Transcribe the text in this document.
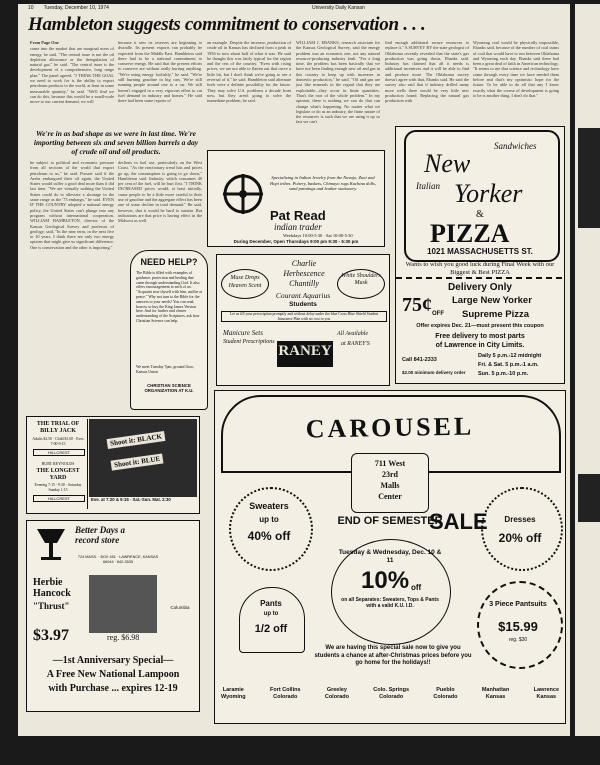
10 Tuesday, December 10, 1974	University Daily Kansan
Hambleton suggests commitment to conservation . . .

From Page One

come into the market that are marginal users of energy, he said. "The central issue is not the oil depletion allowance or the deregulation of natural gas," he said. "The central issue is the development of a comprehensive, long range plan." The panel agreed. "I THINK THE GOAL we need to work for is the ability to export petroleum products to the world, at least in some measurable quantity," he said. "We'll find we can do this, because this would be a small-scale move to our current demand, we will

because it sees its reserves are beginning to dwindle. Its present exports can probably be expected from the Middle East. Hambleton said there had to be a national commitment to conserve energy. He said that the present efforts to conserve are without really hurting anything. "We're using energy foolishly," he said. "We're still burning gasoline in big cars. We're still running people around one to a car. We still haven't engaged in a very vigorous effort to cut fuel demand in industry and homes." He said there had been some reports of

We're in as bad shape as we were in last time. We're importing between six and seven billion barrels a day of crude oil and oil products.

be subject to political and economic pressure from all sections of the world that export petroleum to us," he said. Prosser said if the Arabs embargoed their oil again, the United States would suffer a good deal more than it did last time. "We are virtually nothing the United States could do to alleviate a shortage in the same range as the '73 embargo," he said. EVEN IF THE COUNTRY adopted a national energy policy, the United States can't plunge into any program without international cooperation. WILLIAM HAMBLETON, director of the Kansas Geological Survey and professor of geology, said, "In the near term, in the next five to 10 years, I think there are only two energy options that might give us significant difference. One is conservation and the other is importing."

declines in fuel use, particularly on the West Coast. "As the reactionary trend hits and prices go up, the consumption is going to go down," Hambleton said. Industry, which consumes 40 per cent of the fuel, will be hurt first. "I THINK INCREASED prices would, at least initially, cause people to be a little more careful in their use of gasoline and the aggregate effect has been one of some decline in total demand." He said, however, that it would be hard to sustain. But indications are that price is having effect in the Midwest as well.

an example. Despite the increase, production of crude oil in Kansas has declined from a peak in 1956 to now about half of what it was. He said he thought this was fairly typical for the region and the rest of the country. "Even with rising prices, we are not able to flatten out that curve a little bit, but I don't think we're going to see a reversal of it," he said. Hambleton said alternate fuels were a definite possibility for the future. They may solve U.S. problems a decade from now, but they aren't going to solve the immediate problem, he said.

WILLIAM J. EBANKS, research associate for the Kansas Geological Survey, said the energy problem was an economic one, not any natural resource-producing industry fault. "For a long time, the problem has been basically that we have not been finding enough new oil and gas in this country to keep up with increases in domestic production," he said. "Oil and gas are just like minerals in the regard that they are exploitable—they occur in finite quantities. That's the root of the whole problem." In my opinion, there is nothing we can do that can change what's happening. No matter what we legislate or do as an industry, the finite nature of the resources is such that we are using it up so fast we can't

find enough additional secure resources to replace it." A SURVEY BY the state geologist of Oklahoma recently revealed that the state's gas production was going down, Ebanks said. Industry has claimed that all it needs is additional incentives and it will be able to find and produce more. The Oklahoma survey doesn't agree with that, Ebanks said. He said the survey also said that if industry drilled many more wells there would be very little new production found. Replacing the natural gas production with

Wyoming coal would be physically impossible, Ebanks said, because of the number of coal trains of coal that would have to run between Oklahoma and Wyoming each day. Ebanks said there had been a great deal of faith in American technology. "It seems to me that science and technology have come through every time we have needed them before and that's my optimistic hope for the future. To be able to do all that any I know exactly what the course of development is going to be is another thing. I don't do that."

Specializing in Indian Jewelry from the Navajo, Zuni and Hopi tribes. Pottery, baskets, Chimayo rugs Kachina dolls, sand paintings and leather stationery.
Pat Read
indian trader
Weekdays 10:00-5:30 · Sat 10:00-5:30
During December, Open Thursdays 9:00 pm 9:30 - 5:30 pm
New
Yorker
Italian
Sandwiches
&
PIZZA
1021 MASSACHUSETTS ST.
Wants to wish you good luck during Final Week with our Biggest & Best PIZZA
Delivery Only
Large New Yorker
75¢ OFF Supreme Pizza
Offer expires Dec. 21—must present this coupon
Free delivery to most parts
of Lawrence in City Limits.
Call 841-2333
$2.00 minimum delivery order
Daily 5 p.m.-12 midnight
Fri. & Sat. 5 p.m.-1 a.m.
Sun. 5 p.m.-10 p.m.
NEED HELP?
The Bible is filled with examples of guidance, protection and healing that came through understanding God. It also offers encouragement to each of us: "Acquaint now thyself with him, and be at peace." Why not turn to the Bible for the answers to your needs? You can read, borrow or buy the King James Version here. And for further and clearer understanding of the Scriptures, ask how Christian Science can help.
We meet Tuesday 7pm, ground floor, Kansas Union
CHRISTIAN SCIENCE ORGANIZATION AT K.U.
Muse Drops
Heaven Scent
Charlie
Herbescence
Chantilly
White Shoulders
Musk
Courant Aquarius
Students
Let us fill your prescription promptly and without delay under the blue Cross Blue Shield Student Insurance Plan with no cost to you
Manicure Sets
Student Prescriptions
RANEY
DRUG STORES
All Available
at RANEY'S
THE TRIAL OF BILLY JACK
Adults $2.50 · Child $1.00 · Eves 7:00-9:15
HILLCREST
BURT REYNOLDS
THE LONGEST YARD
Evening 7:15 - 9:30 · Saturday Sunday 1:15
HILLCREST
Shoot it: BLACK
Shoot it: BLUE
Eve. at 7:20 & 9:15 · Sat.-Sun. Mat. 2:30
Better Days a record store
724 MASS. · BOX 451 · LAWRENCE, KANSAS 66044 · 842-3535
Herbie Hancock
"Thrust"	Columbia
$3.97	reg. $6.98
—1st Anniversary Special—
A Free New National Lampoon
with Purchase ... expires 12-19
CAROUSEL
711 West
23rd
Malls
Center
Sweaters
up to
40% off
END OF SEMESTER
SALE	Dresses
20% off
Tuesday & Wednesday, Dec. 10 & 11
10% off
on all Separates: Sweaters, Tops & Pants with a valid K.U. I.D.
Pants
up to
1/2 off
3 Piece Pantsuits
$15.99
reg. $30
We are having this special sale now to give you students a chance at after-Christmas prices before you go home for the holidays!!
Laramie
Wyoming
Fort Collins
Colorado
Greeley
Colorado
Colo. Springs
Colorado
Pueblo
Colorado
Manhattan
Kansas
Lawrence
Kansas
